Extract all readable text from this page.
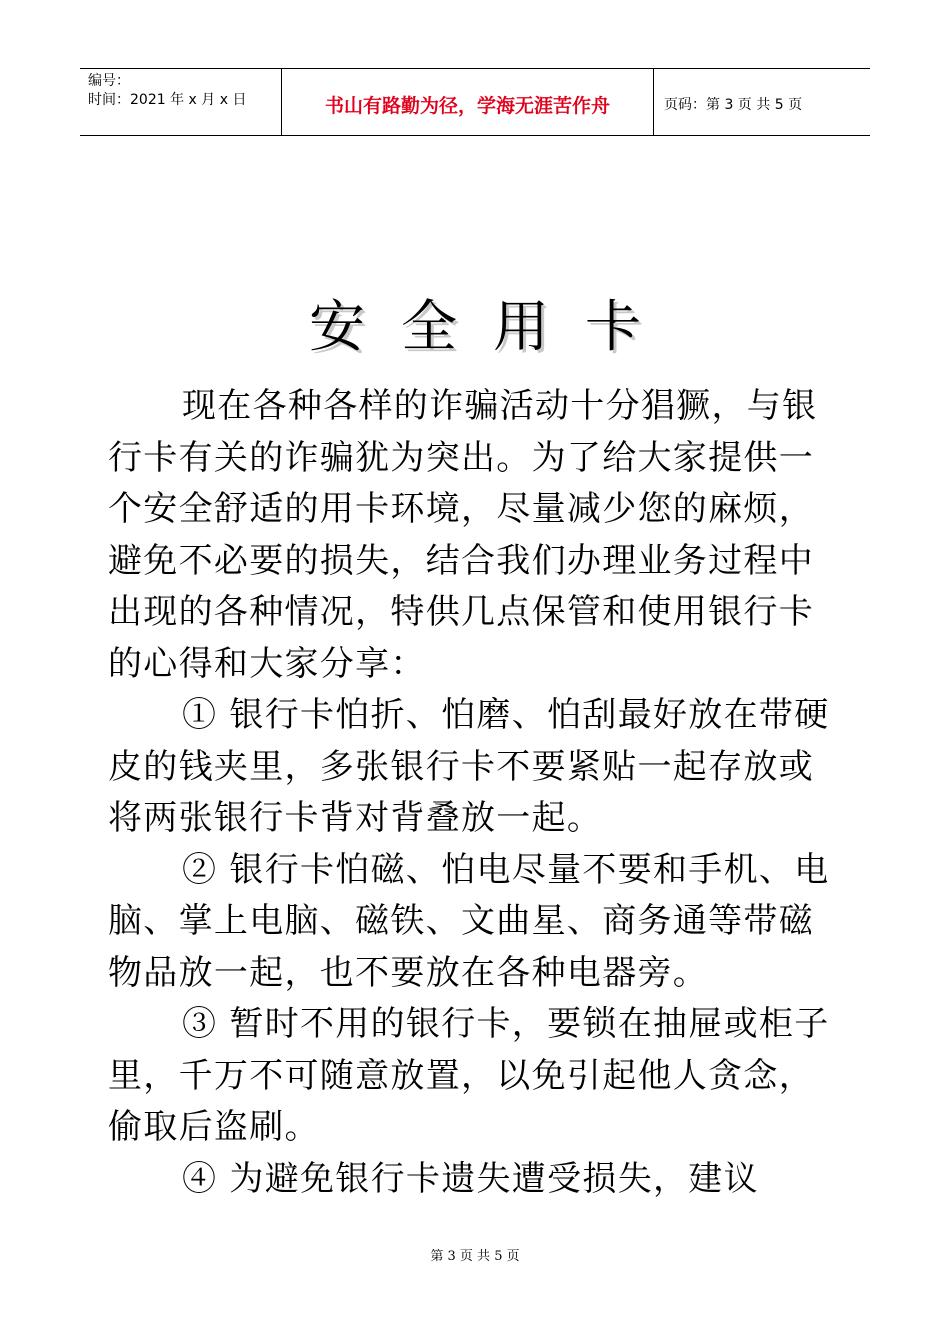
编号：
时间：2021 年 x 月 x 日	书山有路勤为径，学海无涯苦作舟	页码：第 3 页 共 5 页
安全用卡

现在各种各样的诈骗活动十分猖獗，与银行卡有关的诈骗犹为突出。为了给大家提供一个安全舒适的用卡环境，尽量减少您的麻烦，避免不必要的损失，结合我们办理业务过程中出现的各种情况，特供几点保管和使用银行卡的心得和大家分享：

① 银行卡怕折、怕磨、怕刮最好放在带硬皮的钱夹里，多张银行卡不要紧贴一起存放或将两张银行卡背对背叠放一起。

② 银行卡怕磁、怕电尽量不要和手机、电脑、掌上电脑、磁铁、文曲星、商务通等带磁物品放一起，也不要放在各种电器旁。

③ 暂时不用的银行卡，要锁在抽屉或柜子里，千万不可随意放置，以免引起他人贪念，偷取后盗刷。

④ 为避免银行卡遗失遭受损失，建议

第 3 页 共 5 页
